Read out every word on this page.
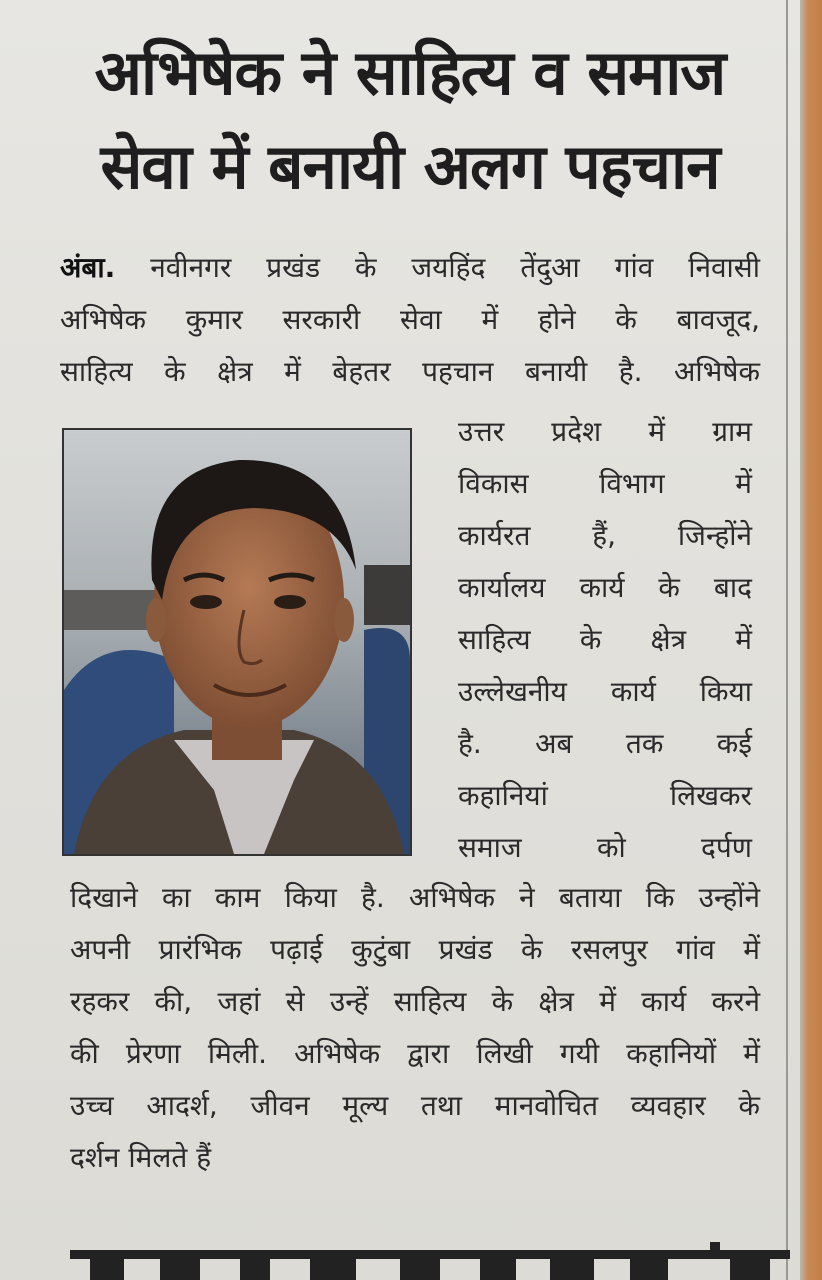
अभिषेक ने साहित्य व समाज
सेवा में बनायी अलग पहचान
अंबा. नवीनगर प्रखंड के जयहिंद तेंदुआ गांव निवासी
अभिषेक कुमार सरकारी सेवा में होने के बावजूद,
साहित्य के क्षेत्र में बेहतर पहचान बनायी है. अभिषेक
उत्तर प्रदेश में ग्राम
विकास विभाग में
कार्यरत हैं, जिन्होंने
कार्यालय कार्य के बाद
साहित्य के क्षेत्र में
उल्लेखनीय कार्य किया
है. अब तक कई
कहानियां लिखकर
समाज को दर्पण
दिखाने का काम किया है. अभिषेक ने बताया कि उन्होंने
अपनी प्रारंभिक पढ़ाई कुटुंबा प्रखंड के रसलपुर गांव में
रहकर की, जहां से उन्हें साहित्य के क्षेत्र में कार्य करने
की प्रेरणा मिली. अभिषेक द्वारा लिखी गयी कहानियों में
उच्च आदर्श, जीवन मूल्य तथा मानवोचित व्यवहार के
दर्शन मिलते हैं
